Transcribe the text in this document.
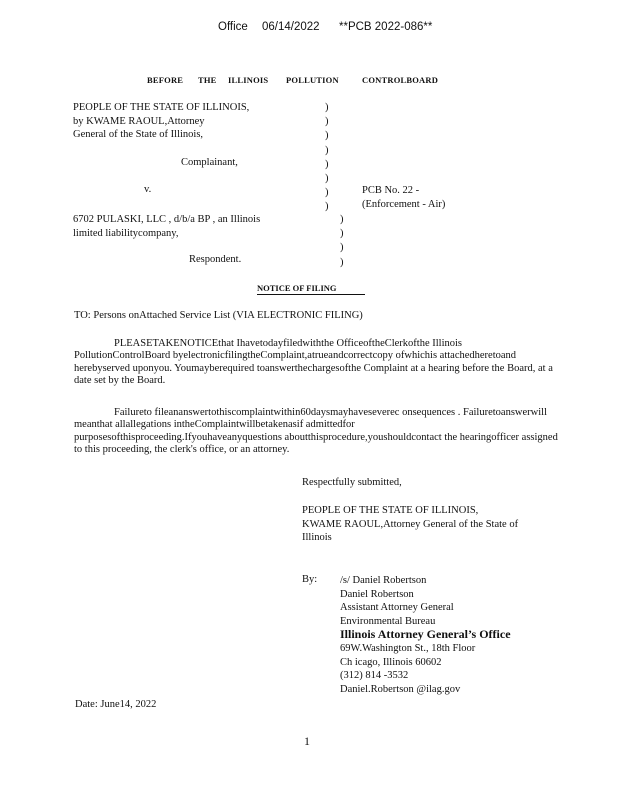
Office 06/14/2022 **PCB 2022-086**
BEFORE THE ILLINOIS POLLUTION	CONTROLBOARD
PEOPLE OF THE STATE OF ILLINOIS,
by KWAME RAOUL,Attorney
General of the State of Illinois,
Complainant,
v.
)
)
)
)
)
)
)
)
)
)
)
)
PCB No. 22 -
(Enforcement - Air)
6702 PULASKI, LLC , d/b/a BP , an Illinois
limited liabilitycompany,
Respondent.
NOTICE OF FILING
TO: Persons onAttached Service List (VIA ELECTRONIC FILING)
PLEASETAKENOTICEthat Ihavetodayfiledwiththe OfficeoftheClerkofthe Illinois PollutionControlBoard byelectronicfilingtheComplaint,atrueandcorrectcopy ofwhichis attachedheretoand herebyserved uponyou. Youmayberequired toanswerthechargesofthe Complaint at a hearing before the Board, at a date set by the Board.
Failureto fileananswertothiscomplaintwithin60daysmayhaveseverec onsequences . Failuretoanswerwill meanthat allallegations intheComplaintwillbetakenasif admittedfor purposesofthisproceeding.Ifyouhaveanyquestions aboutthisprocedure,youshouldcontact the hearingofficer assigned to this proceeding, the clerk's office, or an attorney.
Respectfully submitted,
PEOPLE OF THE STATE OF ILLINOIS,
KWAME RAOUL,Attorney General of the State of
Illinois
By: /s/ Daniel Robertson
Daniel Robertson
Assistant Attorney General
Environmental Bureau
Illinois Attorney General’s Office
69W.Washington St., 18th Floor
Ch icago, Illinois 60602
(312) 814 -3532
Daniel.Robertson @ilag.gov
Date: June14, 2022
1
